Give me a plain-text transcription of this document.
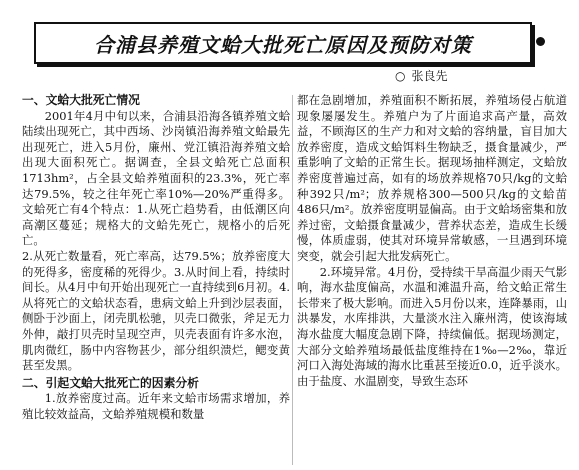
合浦县养殖文蛤大批死亡原因及预防对策
○ 张良先
一、文蛤大批死亡情况

2001年4月中旬以来，合浦县沿海各镇养殖文蛤陆续出现死亡，其中西场、沙岗镇沿海养殖文蛤最先出现死亡，进入5月份，廉州、党江镇沿海养殖文蛤出现大面积死亡。据调查，全县文蛤死亡总面积1713hm²，占全县文蛤养殖面积的23.3%，死亡率达79.5%，较之往年死亡率10%—20%严重得多。文蛤死亡有4个特点：1.从死亡趋势看，由低潮区向高潮区蔓延；规格大的文蛤先死亡，规格小的后死亡。

2.从死亡数量看，死亡率高，达79.5%；放养密度大的死得多，密度稀的死得少。3.从时间上看，持续时间长。从4月中旬开始出现死亡一直持续到6月初。4.从将死亡的文蛤状态看，患病文蛤上升到沙层表面，侧卧于沙面上，闭壳肌松驰，贝壳口微张，斧足无力外伸，敲打贝壳时呈现空声，贝壳表面有许多水泡，肌肉微红，肠中内容物甚少，部分组织溃烂，鳃变黄甚至发黑。

二、引起文蛤大批死亡的因素分析

1.放养密度过高。近年来文蛤市场需求增加，养殖比较效益高，文蛤养殖规模和数量

都在急剧增加，养殖面积不断拓展，养殖场侵占航道现象屡屡发生。养殖户为了片面追求高产量，高效益，不顾海区的生产力和对文蛤的容纳量，盲目加大放养密度，造成文蛤饵料生物缺乏，摄食量减少，严重影响了文蛤的正常生长。据现场抽样测定，文蛤放养密度普遍过高，如有的场放养规格70只/kg的文蛤种392只/m²；放养规格300—500只/kg的文蛤苗486只/m²。放养密度明显偏高。由于文蛤场密集和放养过密，文蛤摄食量减少，营养状态差，造成生长缓慢，体质虚弱，使其对环境异常敏感，一旦遇到环境突变，就会引起大批发病死亡。

2.环境异常。4月份，受持续干旱高温少雨天气影响，海水盐度偏高，水温和滩温升高，给文蛤正常生长带来了极大影响。而进入5月份以来，连降暴雨，山洪暴发，水库排洪，大量淡水注入廉州湾，使该海域海水盐度大幅度急剧下降，持续偏低。据现场测定，大部分文蛤养殖场最低盐度维持在1‰—2‰，靠近河口入海处海域的海水比重甚至接近0.0，近乎淡水。由于盐度、水温剧变，导致生态环
